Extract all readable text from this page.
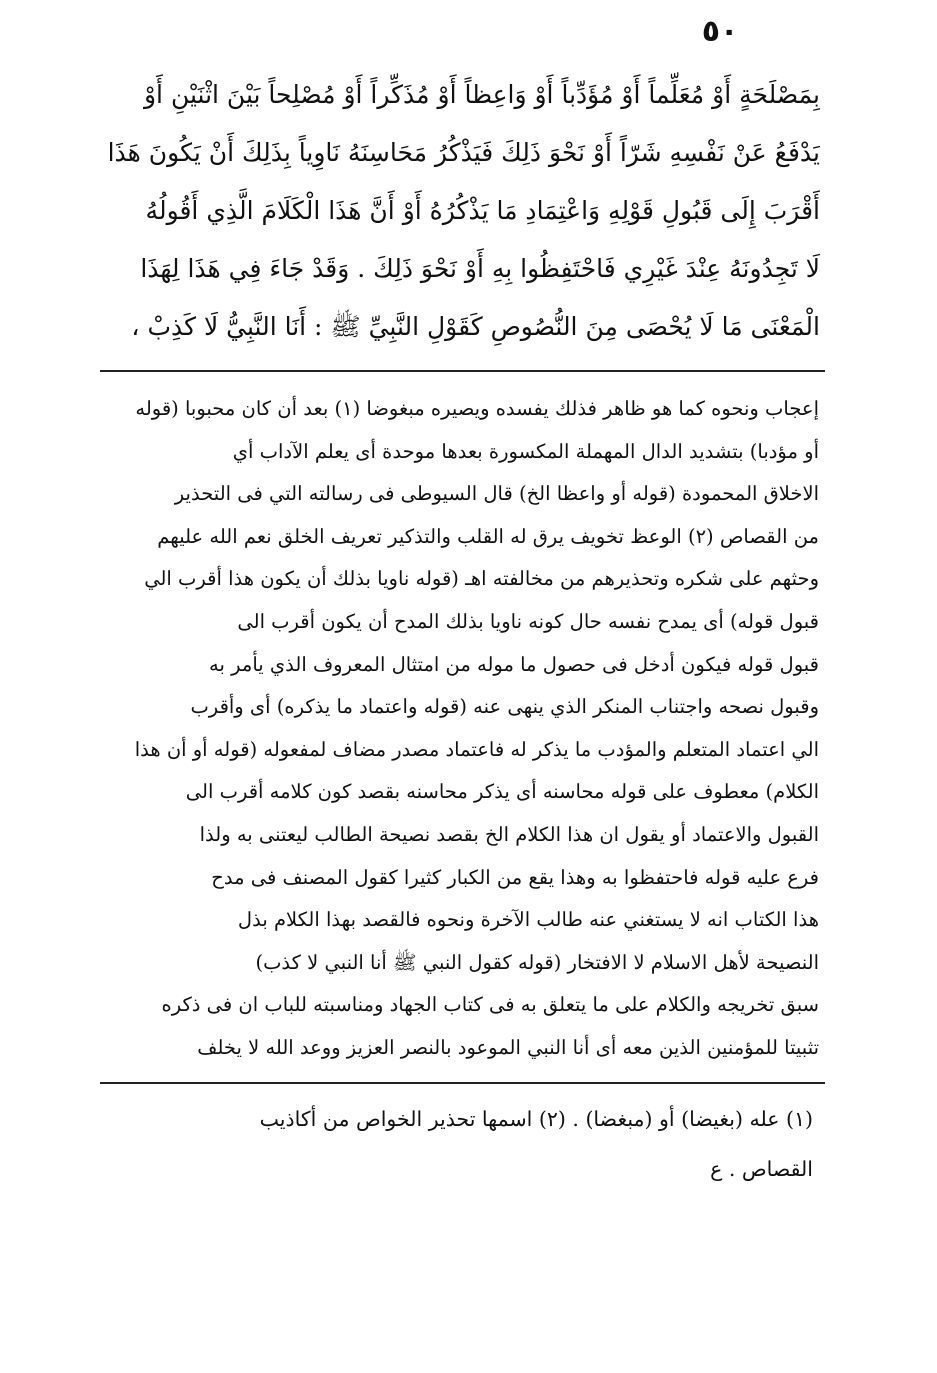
٥٠
بِمَصْلَحَةٍ أَوْ مُعَلِّماً أَوْ مُؤَدِّباً أَوْ وَاعِظاً أَوْ مُذَكِّراً أَوْ مُصْلِحاً بَيْنَ اثْنَيْنِ أَوْ
يَدْفَعُ عَنْ نَفْسِهِ شَرّاً أَوْ نَحْوَ ذَلِكَ فَيَذْكُرُ مَحَاسِنَهُ نَاوِياً بِذَلِكَ أَنْ يَكُونَ هَذَا
أَقْرَبَ إِلَى قَبُولِ قَوْلِهِ وَاعْتِمَادِ مَا يَذْكُرُهُ أَوْ أَنَّ هَذَا الْكَلَامَ الَّذِي أَقُولُهُ
لَا تَجِدُونَهُ عِنْدَ غَيْرِي فَاحْتَفِظُوا بِهِ أَوْ نَحْوَ ذَلِكَ . وَقَدْ جَاءَ فِي هَذَا لِهَذَا
الْمَعْنَى مَا لَا يُحْصَى مِنَ النُّصُوصِ كَقَوْلِ النَّبِيِّ ﷺ : أَنَا النَّبِيُّ لَا كَذِبْ ،
إعجاب ونحوه كما هو ظاهر فذلك يفسده ويصيره مبغوضا (١) بعد أن كان محبوبا (قوله
أو مؤدبا) بتشديد الدال المهملة المكسورة بعدها موحدة أى يعلم الآداب أي
الاخلاق المحمودة (قوله أو واعظا الخ) قال السيوطى فى رسالته التي فى التحذير
من القصاص (٢) الوعظ تخويف يرق له القلب والتذكير تعريف الخلق نعم الله عليهم
وحثهم على شكره وتحذيرهم من مخالفته اهـ (قوله ناويا بذلك أن يكون هذا أقرب الي
قبول قوله) أى يمدح نفسه حال كونه ناويا بذلك المدح أن يكون أقرب الى
قبول قوله فيكون أدخل فى حصول ما موله من امتثال المعروف الذي يأمر به
وقبول نصحه واجتناب المنكر الذي ينهى عنه (قوله واعتماد ما يذكره) أى وأقرب
الي اعتماد المتعلم والمؤدب ما يذكر له فاعتماد مصدر مضاف لمفعوله (قوله أو أن هذا
الكلام) معطوف على قوله محاسنه أى يذكر محاسنه بقصد كون كلامه أقرب الى
القبول والاعتماد أو يقول ان هذا الكلام الخ بقصد نصيحة الطالب ليعتنى به ولذا
فرع عليه قوله فاحتفظوا به وهذا يقع من الكبار كثيرا كقول المصنف فى مدح
هذا الكتاب انه لا يستغني عنه طالب الآخرة ونحوه فالقصد بهذا الكلام بذل
النصيحة لأهل الاسلام لا الافتخار (قوله كقول النبي ﷺ أنا النبي لا كذب)
سبق تخريجه والكلام على ما يتعلق به فى كتاب الجهاد ومناسبته للباب ان فى ذكره
تثبيتا للمؤمنين الذين معه أى أنا النبي الموعود بالنصر العزيز ووعد الله لا يخلف
(١) عله (بغيضا) أو (مبغضا) . (٢) اسمها تحذير الخواص من أكاذيب
القصاص . ع
